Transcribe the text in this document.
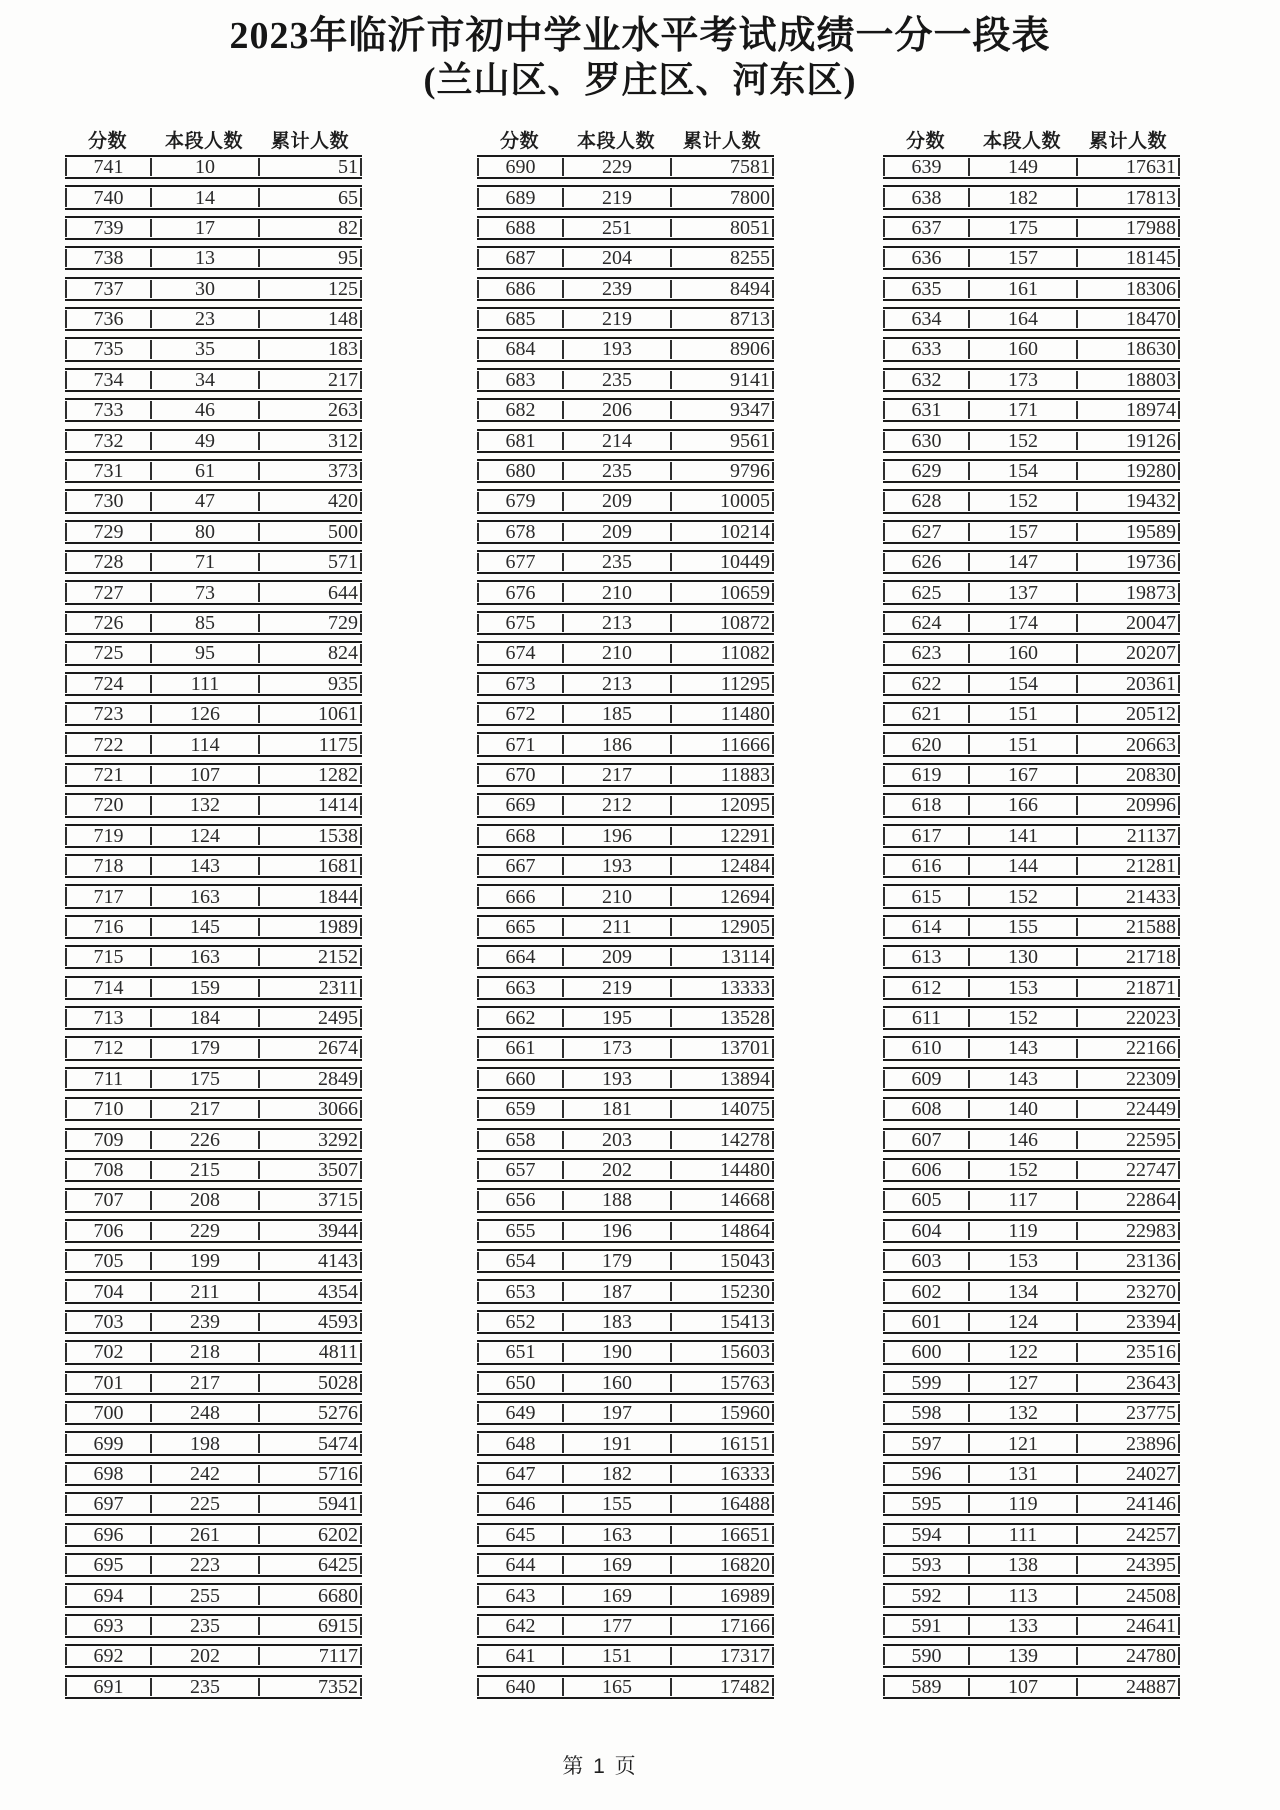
2023年临沂市初中学业水平考试成绩一分一段表
(兰山区、罗庄区、河东区)
分数	本段人数	累计人数
741	10	51
740	14	65
739	17	82
738	13	95
737	30	125
736	23	148
735	35	183
734	34	217
733	46	263
732	49	312
731	61	373
730	47	420
729	80	500
728	71	571
727	73	644
726	85	729
725	95	824
724	111	935
723	126	1061
722	114	1175
721	107	1282
720	132	1414
719	124	1538
718	143	1681
717	163	1844
716	145	1989
715	163	2152
714	159	2311
713	184	2495
712	179	2674
711	175	2849
710	217	3066
709	226	3292
708	215	3507
707	208	3715
706	229	3944
705	199	4143
704	211	4354
703	239	4593
702	218	4811
701	217	5028
700	248	5276
699	198	5474
698	242	5716
697	225	5941
696	261	6202
695	223	6425
694	255	6680
693	235	6915
692	202	7117
691	235	7352
分数	本段人数	累计人数
690	229	7581
689	219	7800
688	251	8051
687	204	8255
686	239	8494
685	219	8713
684	193	8906
683	235	9141
682	206	9347
681	214	9561
680	235	9796
679	209	10005
678	209	10214
677	235	10449
676	210	10659
675	213	10872
674	210	11082
673	213	11295
672	185	11480
671	186	11666
670	217	11883
669	212	12095
668	196	12291
667	193	12484
666	210	12694
665	211	12905
664	209	13114
663	219	13333
662	195	13528
661	173	13701
660	193	13894
659	181	14075
658	203	14278
657	202	14480
656	188	14668
655	196	14864
654	179	15043
653	187	15230
652	183	15413
651	190	15603
650	160	15763
649	197	15960
648	191	16151
647	182	16333
646	155	16488
645	163	16651
644	169	16820
643	169	16989
642	177	17166
641	151	17317
640	165	17482
分数	本段人数	累计人数
639	149	17631
638	182	17813
637	175	17988
636	157	18145
635	161	18306
634	164	18470
633	160	18630
632	173	18803
631	171	18974
630	152	19126
629	154	19280
628	152	19432
627	157	19589
626	147	19736
625	137	19873
624	174	20047
623	160	20207
622	154	20361
621	151	20512
620	151	20663
619	167	20830
618	166	20996
617	141	21137
616	144	21281
615	152	21433
614	155	21588
613	130	21718
612	153	21871
611	152	22023
610	143	22166
609	143	22309
608	140	22449
607	146	22595
606	152	22747
605	117	22864
604	119	22983
603	153	23136
602	134	23270
601	124	23394
600	122	23516
599	127	23643
598	132	23775
597	121	23896
596	131	24027
595	119	24146
594	111	24257
593	138	24395
592	113	24508
591	133	24641
590	139	24780
589	107	24887
第 1 页
